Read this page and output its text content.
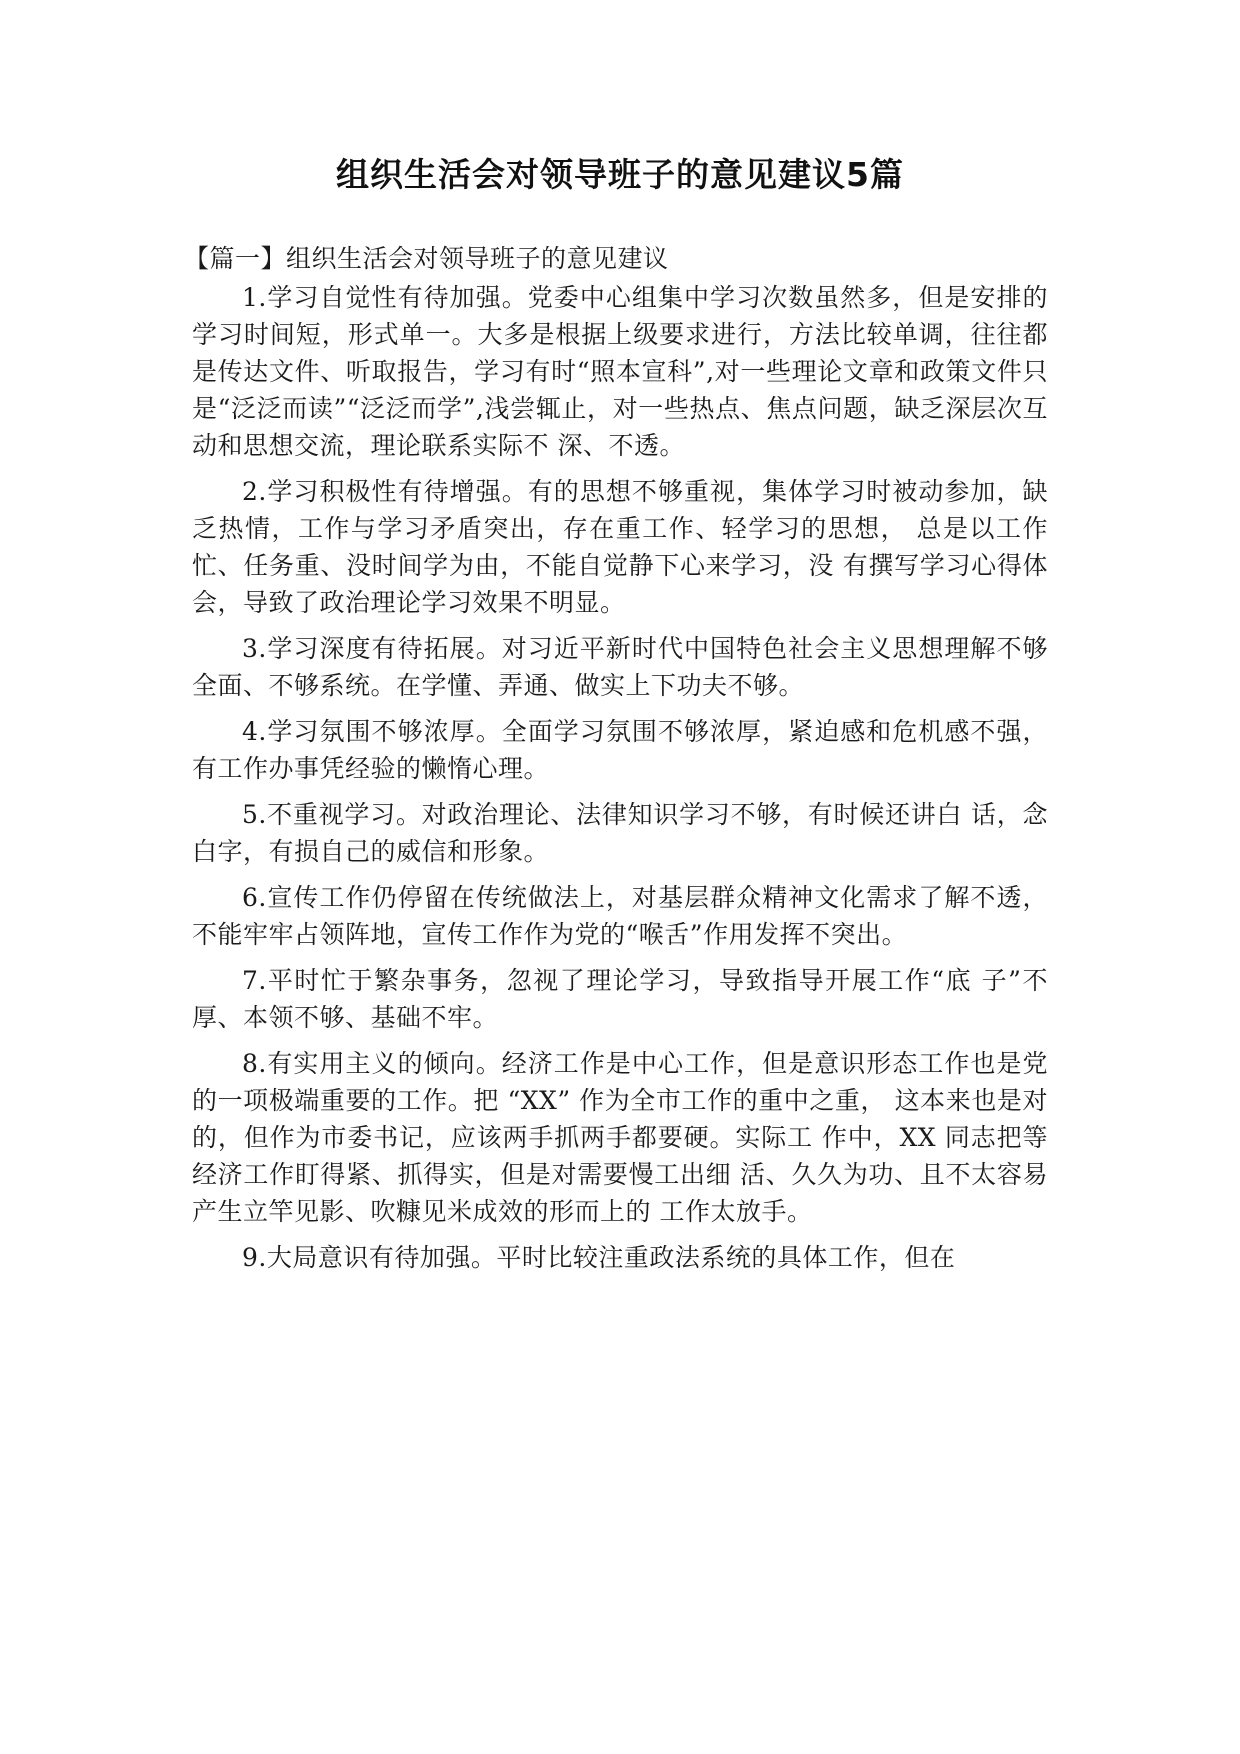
组织生活会对领导班子的意见建议5篇

【篇一】组织生活会对领导班子的意见建议

1.学习自觉性有待加强。党委中心组集中学习次数虽然多，但是安排的学习时间短，形式单一。大多是根据上级要求进行，方法比较单调，往往都是传达文件、听取报告，学习有时“照本宣科”,对一些理论文章和政策文件只是“泛泛而读”“泛泛而学”,浅尝辄止，对一些热点、焦点问题，缺乏深层次互动和思想交流，理论联系实际不 深、不透。

2.学习积极性有待增强。有的思想不够重视，集体学习时被动参加，缺乏热情，工作与学习矛盾突出，存在重工作、轻学习的思想， 总是以工作忙、任务重、没时间学为由，不能自觉静下心来学习，没 有撰写学习心得体会，导致了政治理论学习效果不明显。

3.学习深度有待拓展。对习近平新时代中国特色社会主义思想理解不够全面、不够系统。在学懂、弄通、做实上下功夫不够。

4.学习氛围不够浓厚。全面学习氛围不够浓厚，紧迫感和危机感不强，有工作办事凭经验的懒惰心理。

5.不重视学习。对政治理论、法律知识学习不够，有时候还讲白 话，念白字，有损自己的威信和形象。

6.宣传工作仍停留在传统做法上，对基层群众精神文化需求了解不透，不能牢牢占领阵地，宣传工作作为党的“喉舌”作用发挥不突出。

7.平时忙于繁杂事务，忽视了理论学习，导致指导开展工作“底 子”不厚、本领不够、基础不牢。

8.有实用主义的倾向。经济工作是中心工作，但是意识形态工作也是党的一项极端重要的工作。把 “XX” 作为全市工作的重中之重， 这本来也是对的，但作为市委书记，应该两手抓两手都要硬。实际工 作中，XX 同志把等经济工作盯得紧、抓得实，但是对需要慢工出细 活、久久为功、且不太容易产生立竿见影、吹糠见米成效的形而上的 工作太放手。

9.大局意识有待加强。平时比较注重政法系统的具体工作，但在
